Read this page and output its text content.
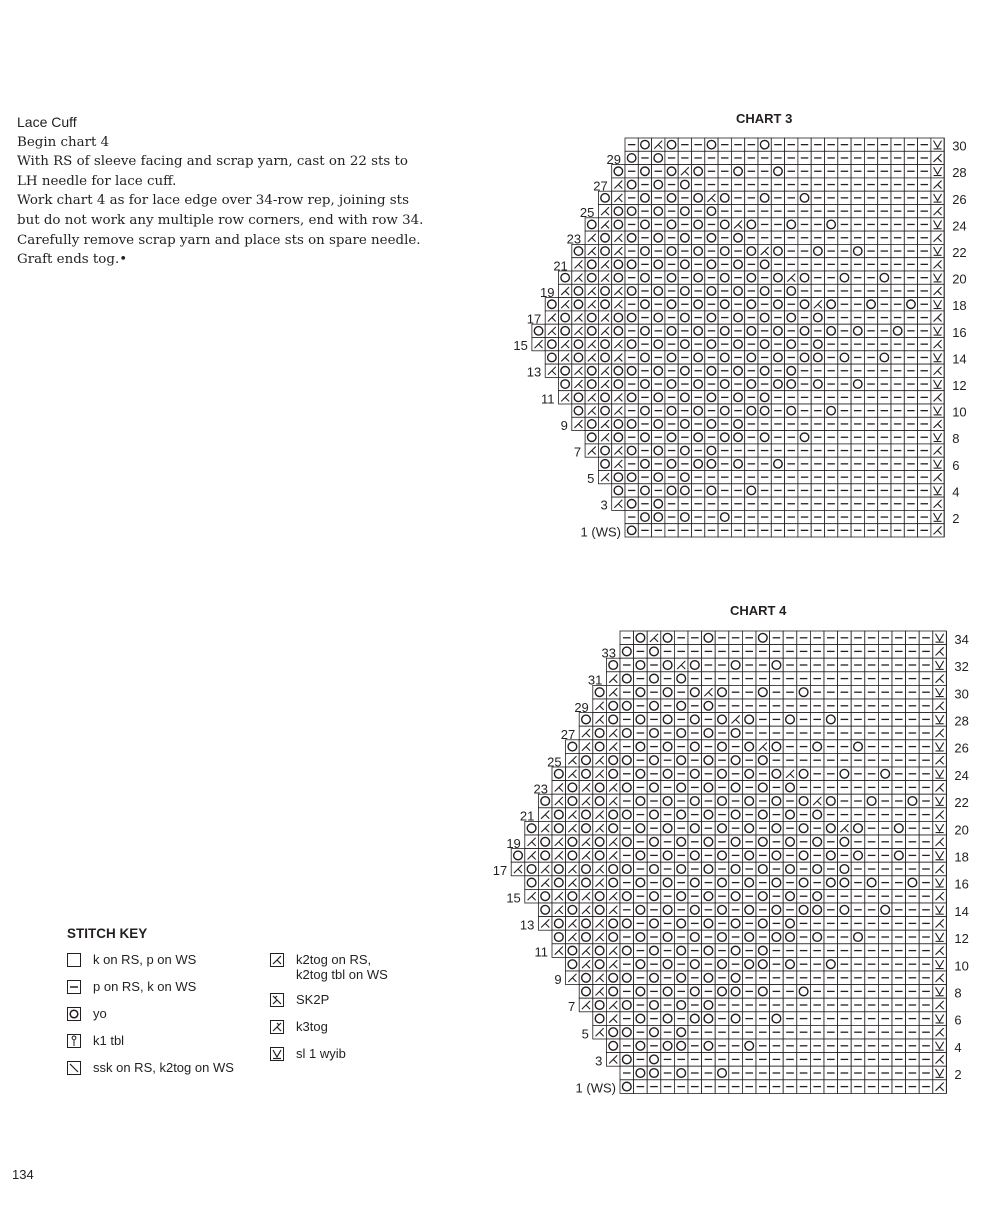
Lace Cuff
Begin chart 4
With RS of sleeve facing and scrap yarn, cast on 22 sts to
LH needle for lace cuff.
Work chart 4 as for lace edge over 34-row rep, joining sts
but do not work any multiple row corners, end with row 34.
Carefully remove scrap yarn and place sts on spare needle.
Graft ends tog.•
CHART 3
30
28
26
24
22
20
18
16
14
12
10
8
6
4
2
29
27
25
23
21
19
17
15
13
11
9
7
5
3
1 (WS)
CHART 4
34
32
30
28
26
24
22
20
18
16
14
12
10
8
6
4
2
33
31
29
27
25
23
21
19
17
15
13
11
9
7
5
3
1 (WS)
STITCH KEY
k on RS, p on WS
p on RS, k on WS
yo
k1 tbl
ssk on RS, k2tog on WS
k2tog on RS,
k2tog tbl on WS
SK2P
k3tog
sl 1 wyib
134
